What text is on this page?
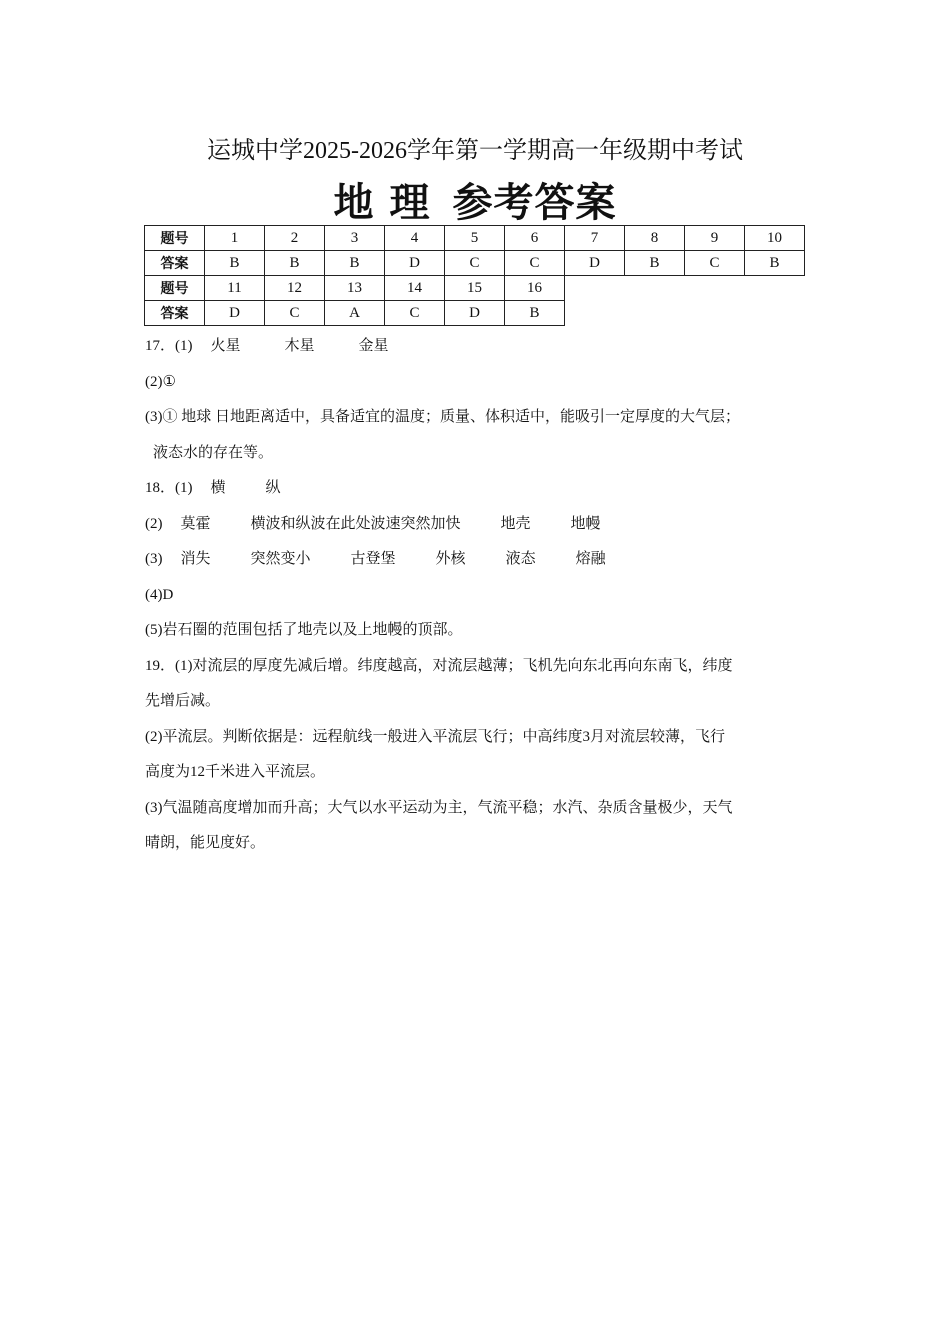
运城中学2025-2026学年第一学期高一年级期中考试
地 理 参考答案
题号	1	2	3	4	5	6	7	8	9	10
答案	B	B	B	D	C	C	D	B	C	B
题号	11	12	13	14	15	16				
答案	D	C	A	C	D	B				
17．(1) 火星	木星	金星
(2)①
(3)① 地球 日地距离适中，具备适宜的温度；质量、体积适中，能吸引一定厚度的大气层；
液态水的存在等。
18．(1) 横	纵
(2) 莫霍	横波和纵波在此处波速突然加快	地壳	地幔
(3) 消失	突然变小	古登堡	外核	液态	熔融
(4)D
(5)岩石圈的范围包括了地壳以及上地幔的顶部。
19．(1)对流层的厚度先减后增。纬度越高，对流层越薄；飞机先向东北再向东南飞，纬度
先增后减。
(2)平流层。判断依据是：远程航线一般进入平流层飞行；中高纬度3月对流层较薄，飞行
高度为12千米进入平流层。
(3)气温随高度增加而升高；大气以水平运动为主，气流平稳；水汽、杂质含量极少，天气
晴朗，能见度好。
